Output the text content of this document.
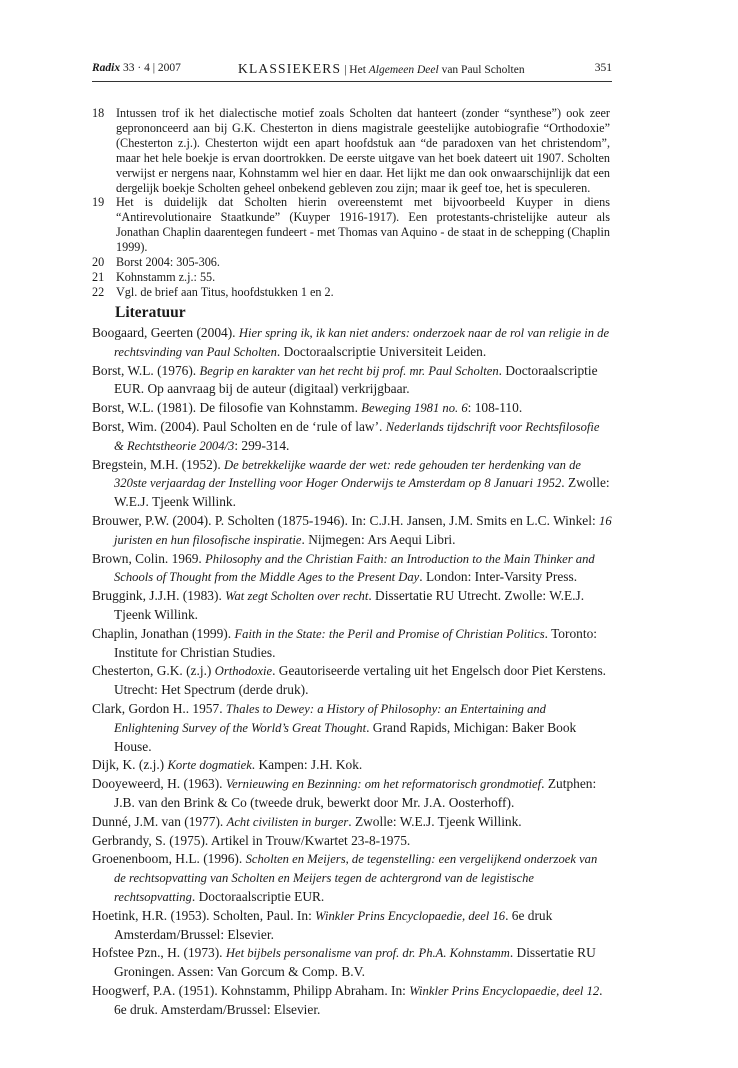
Radix 33 · 4 | 2007	KLASSIEKERS | Het Algemeen Deel van Paul Scholten	351
18 Intussen trof ik het dialectische motief zoals Scholten dat hanteert (zonder “synthese”) ook zeer geprononceerd aan bij G.K. Chesterton in diens magistrale geestelijke autobiografie “Orthodoxie” (Chesterton z.j.). Chesterton wijdt een apart hoofdstuk aan “de paradoxen van het christendom”, maar het hele boekje is ervan doortrokken. De eerste uitgave van het boek dateert uit 1907. Scholten verwijst er nergens naar, Kohnstamm wel hier en daar. Het lijkt me dan ook onwaarschijnlijk dat een dergelijk boekje Scholten geheel onbekend gebleven zou zijn; maar ik geef toe, het is speculeren.
19 Het is duidelijk dat Scholten hierin overeenstemt met bijvoorbeeld Kuyper in diens “Antirevolutionaire Staatkunde” (Kuyper 1916-1917). Een protestants-christelijke auteur als Jonathan Chaplin daarentegen fundeert - met Thomas van Aquino - de staat in de schepping (Chaplin 1999).
20 Borst 2004: 305-306.
21 Kohnstamm z.j.: 55.
22 Vgl. de brief aan Titus, hoofdstukken 1 en 2.
Literatuur
Boogaard, Geerten (2004). Hier spring ik, ik kan niet anders: onderzoek naar de rol van religie in de rechtsvinding van Paul Scholten. Doctoraalscriptie Universiteit Leiden.
Borst, W.L. (1976). Begrip en karakter van het recht bij prof. mr. Paul Scholten. Doctoraalscriptie EUR. Op aanvraag bij de auteur (digitaal) verkrijgbaar.
Borst, W.L. (1981). De filosofie van Kohnstamm. Beweging 1981 no. 6: 108-110.
Borst, Wim. (2004). Paul Scholten en de ‘rule of law’. Nederlands tijdschrift voor Rechtsfilosofie & Rechtstheorie 2004/3: 299-314.
Bregstein, M.H. (1952). De betrekkelijke waarde der wet: rede gehouden ter herdenking van de 320ste verjaardag der Instelling voor Hoger Onderwijs te Amsterdam op 8 Januari 1952. Zwolle: W.E.J. Tjeenk Willink.
Brouwer, P.W. (2004). P. Scholten (1875-1946). In: C.J.H. Jansen, J.M. Smits en L.C. Winkel: 16 juristen en hun filosofische inspiratie. Nijmegen: Ars Aequi Libri.
Brown, Colin. 1969. Philosophy and the Christian Faith: an Introduction to the Main Thinker and Schools of Thought from the Middle Ages to the Present Day. London: Inter-Varsity Press.
Bruggink, J.J.H. (1983). Wat zegt Scholten over recht. Dissertatie RU Utrecht. Zwolle: W.E.J. Tjeenk Willink.
Chaplin, Jonathan (1999). Faith in the State: the Peril and Promise of Christian Politics. Toronto: Institute for Christian Studies.
Chesterton, G.K. (z.j.) Orthodoxie. Geautoriseerde vertaling uit het Engelsch door Piet Kerstens. Utrecht: Het Spectrum (derde druk).
Clark, Gordon H.. 1957. Thales to Dewey: a History of Philosophy: an Entertaining and Enlightening Survey of the World’s Great Thought. Grand Rapids, Michigan: Baker Book House.
Dijk, K. (z.j.) Korte dogmatiek. Kampen: J.H. Kok.
Dooyeweerd, H. (1963). Vernieuwing en Bezinning: om het reformatorisch grondmotief. Zutphen: J.B. van den Brink & Co (tweede druk, bewerkt door Mr. J.A. Oosterhoff).
Dunné, J.M. van (1977). Acht civilisten in burger. Zwolle: W.E.J. Tjeenk Willink.
Gerbrandy, S. (1975). Artikel in Trouw/Kwartet 23-8-1975.
Groenenboom, H.L. (1996). Scholten en Meijers, de tegenstelling: een vergelijkend onderzoek van de rechtsopvatting van Scholten en Meijers tegen de achtergrond van de legistische rechtsopvatting. Doctoraalscriptie EUR.
Hoetink, H.R. (1953). Scholten, Paul. In: Winkler Prins Encyclopaedie, deel 16. 6e druk Amsterdam/Brussel: Elsevier.
Hofstee Pzn., H. (1973). Het bijbels personalisme van prof. dr. Ph.A. Kohnstamm. Dissertatie RU Groningen. Assen: Van Gorcum & Comp. B.V.
Hoogwerf, P.A. (1951). Kohnstamm, Philipp Abraham. In: Winkler Prins Encyclopaedie, deel 12. 6e druk. Amsterdam/Brussel: Elsevier.
